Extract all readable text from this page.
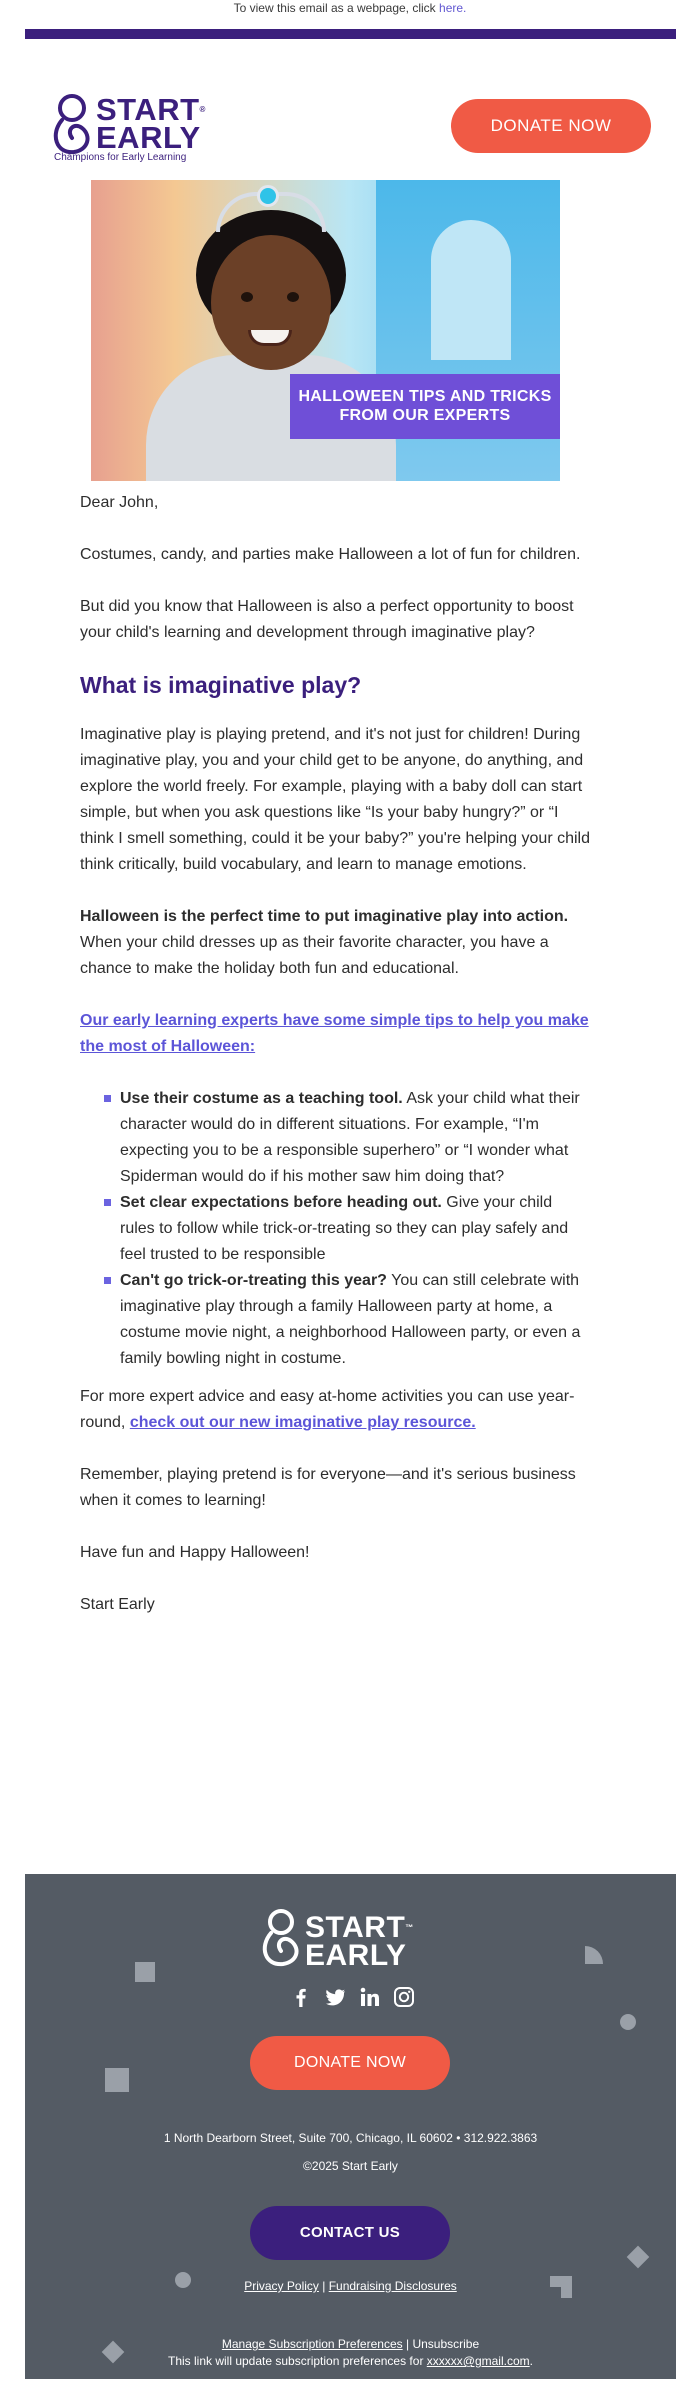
To view this email as a webpage, click here.
START®
EARLY
Champions for Early Learning
DONATE NOW
HALLOWEEN TIPS AND TRICKS
FROM OUR EXPERTS

Dear John,

Costumes, candy, and parties make Halloween a lot of fun for children.

But did you know that Halloween is also a perfect opportunity to boost your child's learning and development through imaginative play?

What is imaginative play?

Imaginative play is playing pretend, and it's not just for children! During imaginative play, you and your child get to be anyone, do anything, and explore the world freely. For example, playing with a baby doll can start simple, but when you ask questions like “Is your baby hungry?” or “I think I smell something, could it be your baby?” you're helping your child think critically, build vocabulary, and learn to manage emotions.

Halloween is the perfect time to put imaginative play into action. When your child dresses up as their favorite character, you have a chance to make the holiday both fun and educational.

Our early learning experts have some simple tips to help you make the most of Halloween:

Use their costume as a teaching tool. Ask your child what their character would do in different situations. For example, “I'm expecting you to be a responsible superhero” or “I wonder what Spiderman would do if his mother saw him doing that?
Set clear expectations before heading out. Give your child rules to follow while trick-or-treating so they can play safely and feel trusted to be responsible
Can't go trick-or-treating this year? You can still celebrate with imaginative play through a family Halloween party at home, a costume movie night, a neighborhood Halloween party, or even a family bowling night in costume.

For more expert advice and easy at-home activities you can use year-round, check out our new imaginative play resource.

Remember, playing pretend is for everyone—and it's serious business when it comes to learning!

Have fun and Happy Halloween!

Start Early

START™
EARLY
DONATE NOW
1 North Dearborn Street, Suite 700, Chicago, IL 60602 • 312.922.3863
©2025 Start Early
CONTACT US
Privacy Policy | Fundraising Disclosures
Manage Subscription Preferences | Unsubscribe
This link will update subscription preferences for xxxxxx@gmail.com.
